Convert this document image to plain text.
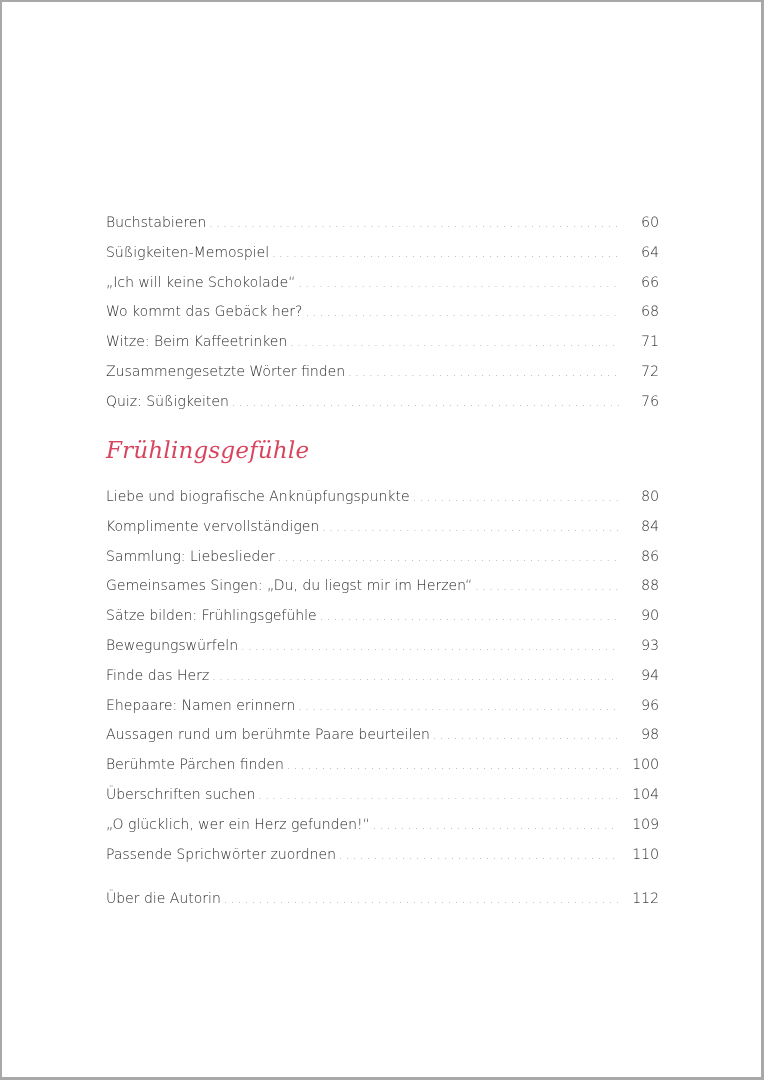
Buchstabieren . . .	60
Süßigkeiten-Memospiel . . .	64
„Ich will keine Schokolade“ . . .	66
Wo kommt das Gebäck her? . . .	68
Witze: Beim Kaffeetrinken . . .	71
Zusammengesetzte Wörter finden . . .	72
Quiz: Süßigkeiten . . .	76
Frühlingsgefühle
Liebe und biografische Anknüpfungspunkte . . .	80
Komplimente vervollständigen . . .	84
Sammlung: Liebeslieder . . .	86
Gemeinsames Singen: „Du, du liegst mir im Herzen“ . . .	88
Sätze bilden: Frühlingsgefühle . . .	90
Bewegungswürfeln . . .	93
Finde das Herz . . .	94
Ehepaare: Namen erinnern . . .	96
Aussagen rund um berühmte Paare beurteilen . . .	98
Berühmte Pärchen finden . . .	100
Überschriften suchen . . .	104
„O glücklich, wer ein Herz gefunden!“ . . .	109
Passende Sprichwörter zuordnen . . .	110
Über die Autorin . . .	112
